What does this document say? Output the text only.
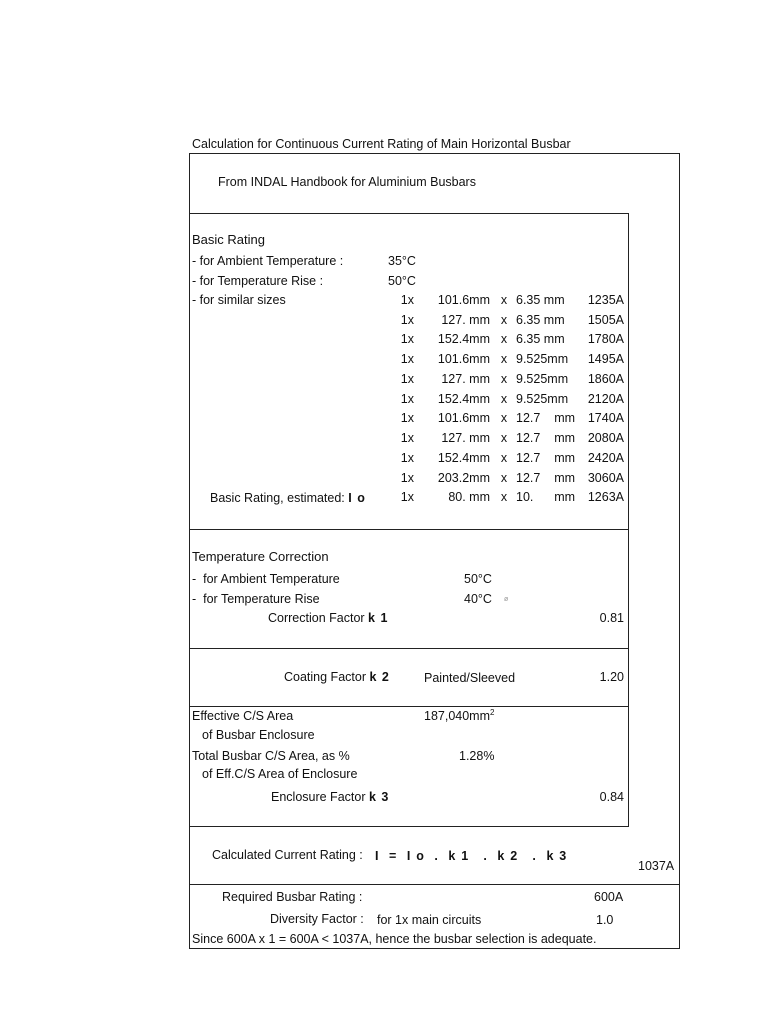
Calculation for Continuous Current Rating of Main Horizontal Busbar
From INDAL Handbook for Aluminium Busbars
Basic Rating
- for Ambient Temperature :	35°C
- for Temperature Rise :	50°C
- for similar sizes	1x	101.6mm x 6.35 mm	1235A
1x	127. mm x 6.35 mm	1505A
1x	152.4mm x 6.35 mm	1780A
1x	101.6mm x 9.525mm	1495A
1x	127. mm x 9.525mm	1860A
1x	152.4mm x 9.525mm	2120A
1x	101.6mm x 12.7    mm	1740A
1x	127. mm x 12.7    mm	2080A
1x	152.4mm x 12.7    mm	2420A
1x	203.2mm x 12.7    mm	3060A
1x	80. mm x 10.      mm	1263A
Basic Rating, estimated: I o
Temperature Correction
-  for Ambient Temperature	50°C
-  for Temperature Rise	40°C ø
Correction Factor k 1	0.81
Coating Factor k 2	Painted/Sleeved	1.20
Effective C/S Area
of Busbar Enclosure
$187,040mm^2$
Total Busbar C/S Area, as %
of Eff.C/S Area of Enclosure
1.28%
Enclosure Factor k 3	0.84
Calculated Current Rating : I  =  I o  .  k 1   .  k 2   .  k 3
1037A
Required Busbar Rating :	600A
Diversity Factor : for 1x main circuits	1.0
Since 600A x 1 = 600A < 1037A, hence the busbar selection is adequate.
